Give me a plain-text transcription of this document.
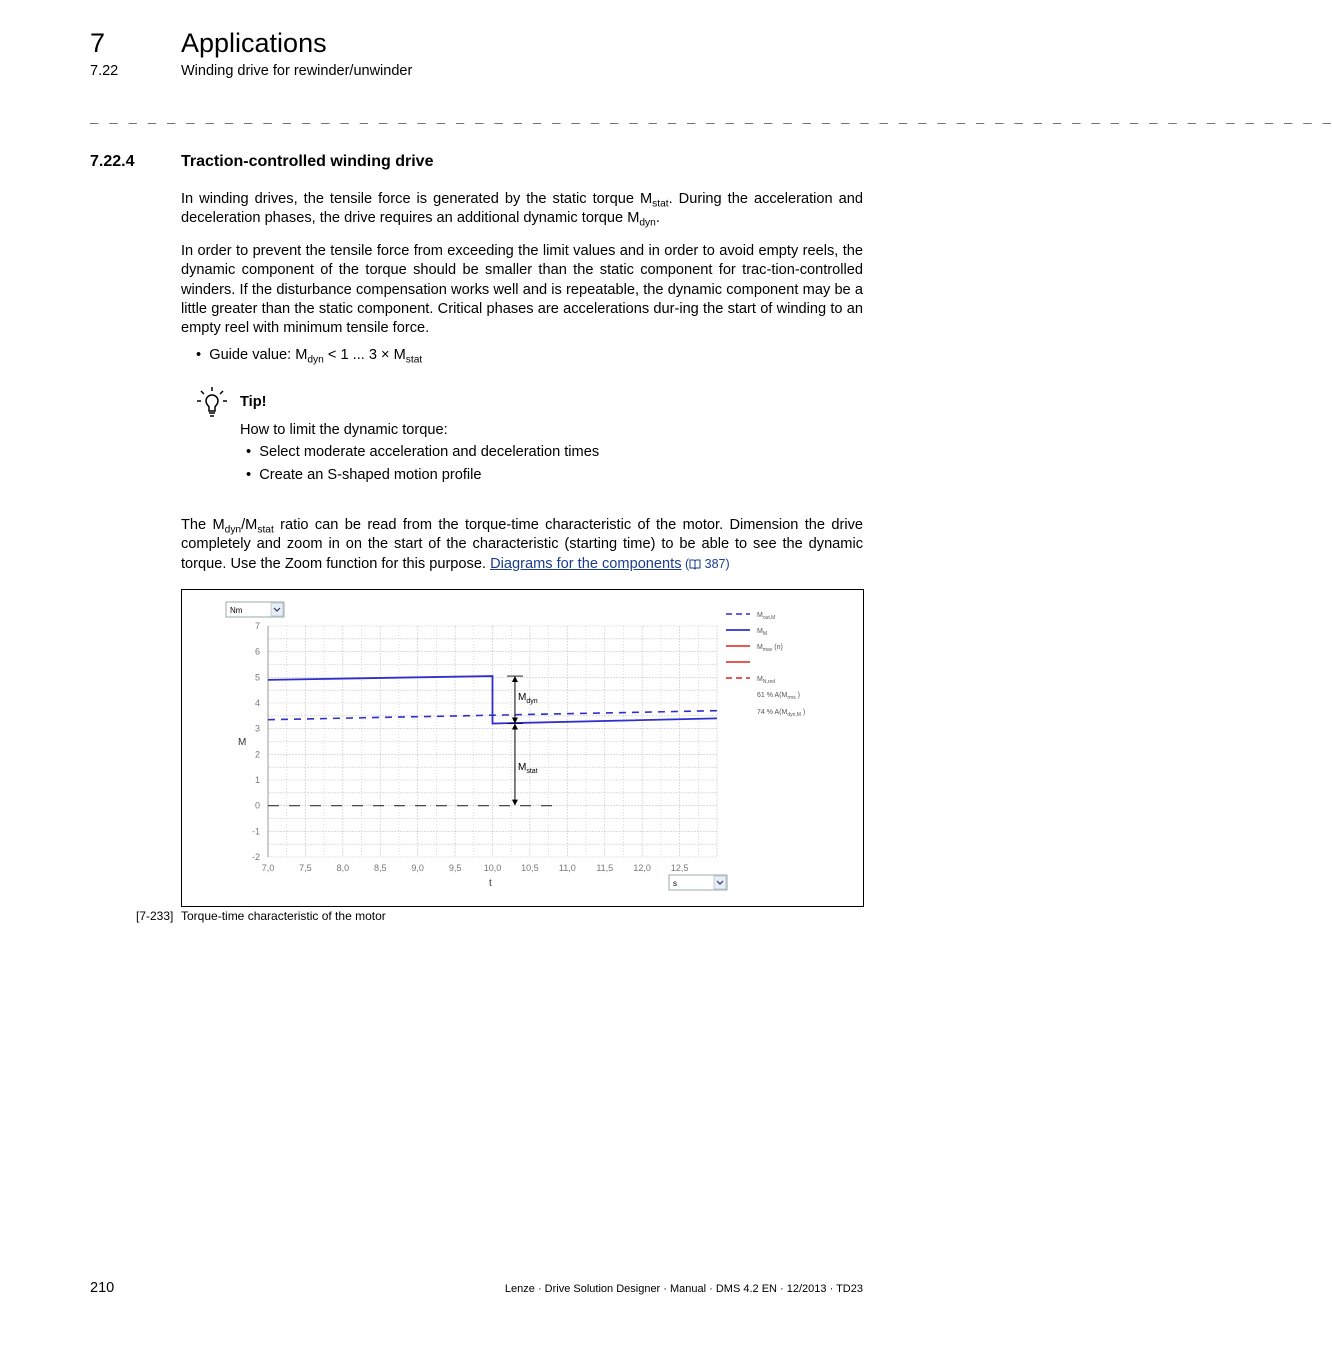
7	Applications
7.22	Winding drive for rewinder/unwinder
_ _ _ _ _ _ _ _ _ _ _ _ _ _ _ _ _ _ _ _ _ _ _ _ _ _ _ _ _ _ _ _ _ _ _ _ _ _ _ _ _ _ _ _ _ _ _ _ _ _ _ _ _ _ _ _ _ _ _ _ _ _ _ _ _
7.22.4	Traction-controlled winding drive
In winding drives, the tensile force is generated by the static torque $M_{stat}$. During the acceleration and deceleration phases, the drive requires an additional dynamic torque $M_{dyn}$.
In order to prevent the tensile force from exceeding the limit values and in order to avoid empty reels, the dynamic component of the torque should be smaller than the static component for trac-tion-controlled winders. If the disturbance compensation works well and is repeatable, the dynamic component may be a little greater than the static component. Critical phases are accelerations dur-ing the start of winding to an empty reel with minimum tensile force.
• Guide value: $M_{dyn} < 1$ ... $3 \times M_{stat}$
Tip!
How to limit the dynamic torque:
•  Select moderate acceleration and deceleration times
•  Create an S-shaped motion profile
The $M_{dyn}/M_{stat}$ ratio can be read from the torque-time characteristic of the motor. Dimension the drive completely and zoom in on the start of the characteristic (starting time) to be able to see the dynamic torque. Use the Zoom function for this purpose. Diagrams for the components ( 387)
7,0	7,5	8,0	8,5	9,0	9,5 10,0 10,5 11,0 11,5 12,0 12,5
7
6
5
4
3
2
1
0
-1
-2
Nm
s
M
t
$M_{dyn}$
$M_{stat}$
$M_{out,M}$
$M_M$
$M_{max}$ (n)
$M_{N,red}$
61 % $A(M_{rms}$ )
74 % $A(M_{dyn,M}$ )
[7-233] Torque-time characteristic of the motor
210	Lenze · Drive Solution Designer · Manual · DMS 4.2 EN · 12/2013 · TD23
